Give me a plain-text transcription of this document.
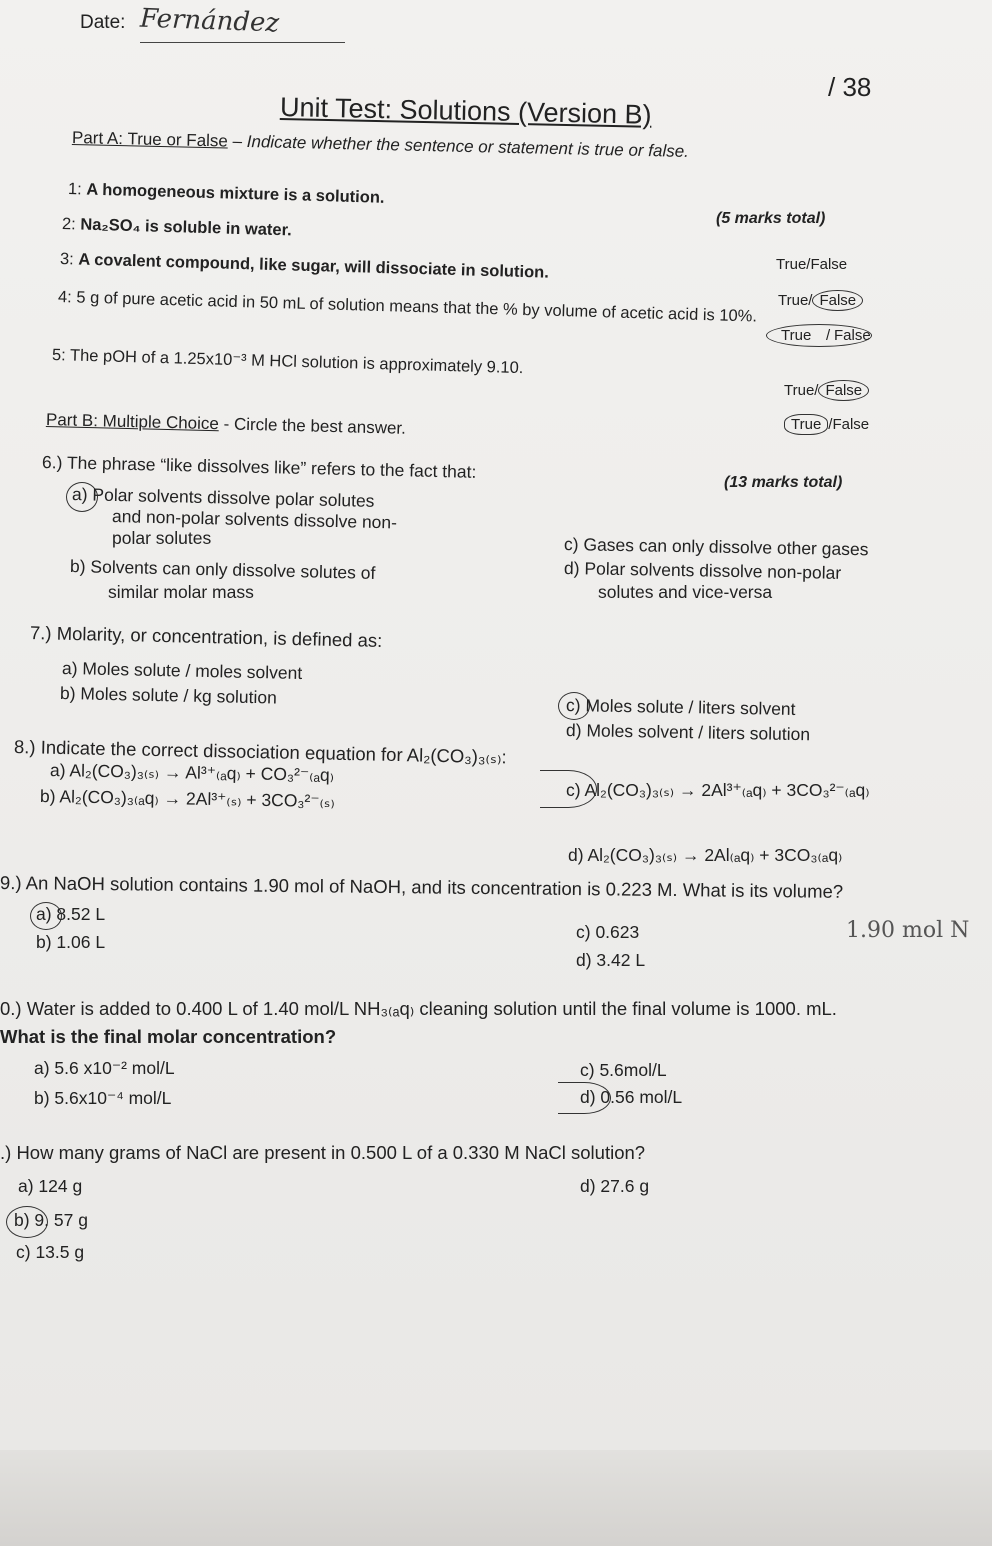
Date: Fernández
/ 38
Unit Test: Solutions (Version B)
Part A: True or False – Indicate whether the sentence or statement is true or false.
(5 marks total)
1: A homogeneous mixture is a solution.
2: Na₂SO₄ is soluble in water.
3: A covalent compound, like sugar, will dissociate in solution.
4: 5 g of pure acetic acid in 50 mL of solution means that the % by volume of acetic acid is 10%.
5: The pOH of a 1.25x10⁻³ M HCl solution is approximately 9.10.
True/False
True/ False
True / False
True/ False
True /False
Part B: Multiple Choice - Circle the best answer.
(13 marks total)
6.) The phrase “like dissolves like” refers to the fact that:
a) Polar solvents dissolve polar solutes
and non-polar solvents dissolve non-
polar solutes
b) Solvents can only dissolve solutes of
similar molar mass
c) Gases can only dissolve other gases
d) Polar solvents dissolve non-polar
solutes and vice-versa
7.) Molarity, or concentration, is defined as:
a) Moles solute / moles solvent
b) Moles solute / kg solution	c) Moles solute / liters solvent
d) Moles solvent / liters solution
8.) Indicate the correct dissociation equation for Al₂(CO₃)₃₍ₛ₎:
a) Al₂(CO₃)₃₍ₛ₎ → Al³⁺₍ₐq₎ + CO₃²⁻₍ₐq₎
b) Al₂(CO₃)₃₍ₐq₎ → 2Al³⁺₍ₛ₎ + 3CO₃²⁻₍ₛ₎	c) Al₂(CO₃)₃₍ₛ₎ → 2Al³⁺₍ₐq₎ + 3CO₃²⁻₍ₐq₎
d) Al₂(CO₃)₃₍ₛ₎ → 2Al₍ₐq₎ + 3CO₃₍ₐq₎
9.) An NaOH solution contains 1.90 mol of NaOH, and its concentration is 0.223 M. What is its volume?
a) 8.52 L
b) 1.06 L	c) 0.623
d) 3.42 L
1.90 mol N
0.) Water is added to 0.400 L of 1.40 mol/L NH₃₍ₐq₎ cleaning solution until the final volume is 1000. mL.
What is the final molar concentration?
a) 5.6 x10⁻² mol/L
b) 5.6x10⁻⁴ mol/L
c) 5.6mol/L
d) 0.56 mol/L
.) How many grams of NaCl are present in 0.500 L of a 0.330 M NaCl solution?
a) 124 g
b) 9. 57 g
c) 13.5 g
d) 27.6 g
